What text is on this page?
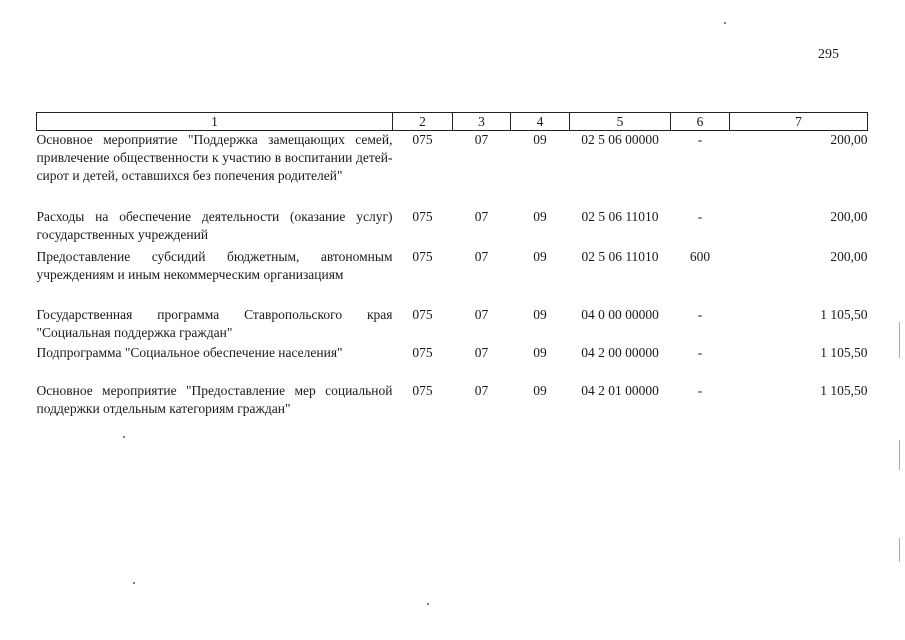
295
1	2	3	4	5	6	7
Основное мероприятие "Поддержка замещающих семей, привлечение общественности к участию в воспитании детей-сирот и детей, оставшихся без попечения родителей"	075	07	09	02 5 06 00000	-	200,00
Расходы на обеспечение деятельности (оказание услуг) государственных учреждений	075	07	09	02 5 06 11010	-	200,00
Предоставление субсидий бюджетным, автономным учреждениям и иным некоммерческим организациям	075	07	09	02 5 06 11010	600	200,00
Государственная программа Ставропольского края "Социальная поддержка граждан"	075	07	09	04 0 00 00000	-	1 105,50
Подпрограмма "Социальное обеспечение населения"	075	07	09	04 2 00 00000	-	1 105,50
Основное мероприятие "Предоставление мер социальной поддержки отдельным категориям граждан"	075	07	09	04 2 01 00000	-	1 105,50
